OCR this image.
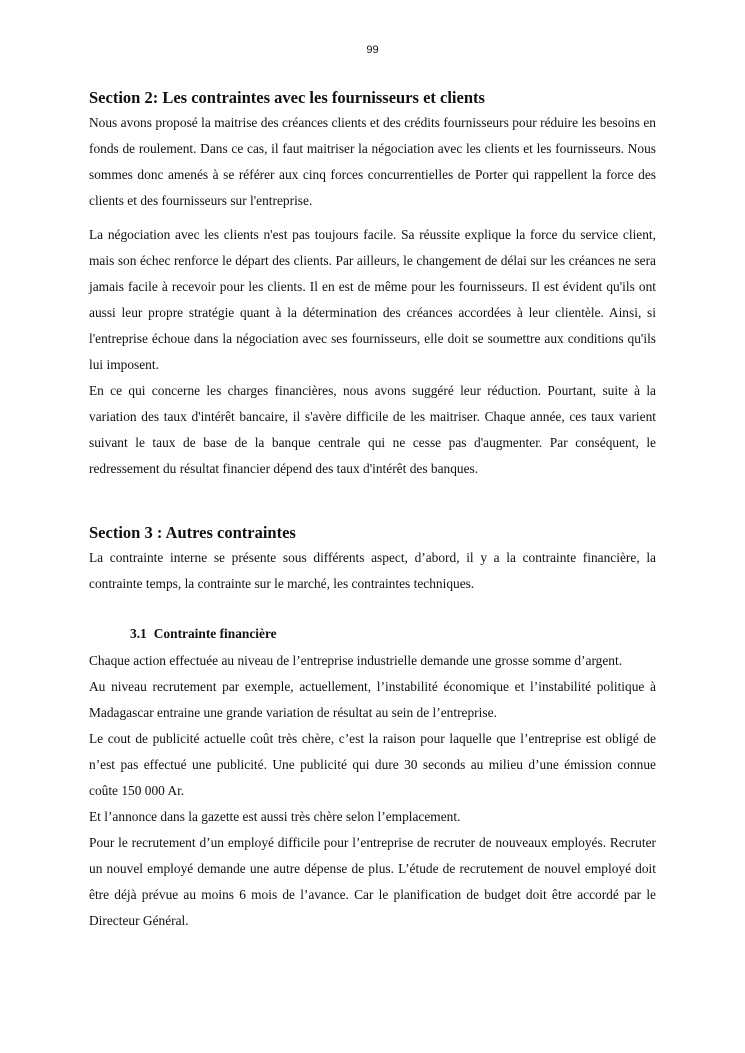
99
Section 2: Les contraintes avec les fournisseurs et clients

Nous avons proposé la maitrise des créances clients et des crédits fournisseurs pour réduire les besoins en fonds de roulement. Dans ce cas, il faut maitriser la négociation avec les clients et les fournisseurs. Nous sommes donc amenés à se référer aux cinq forces concurrentielles de Porter qui rappellent la force des clients et des fournisseurs sur l'entreprise.

La négociation avec les clients n'est pas toujours facile. Sa réussite explique la force du service client, mais son échec renforce le départ des clients. Par ailleurs, le changement de délai sur les créances ne sera jamais facile à recevoir pour les clients. Il en est de même pour les fournisseurs. Il est évident qu'ils ont aussi leur propre stratégie quant à la détermination des créances accordées à leur clientèle. Ainsi, si l'entreprise échoue dans la négociation avec ses fournisseurs, elle doit se soumettre aux conditions qu'ils lui imposent.

En ce qui concerne les charges financières, nous avons suggéré leur réduction. Pourtant, suite à la variation des taux d'intérêt bancaire, il s'avère difficile de les maitriser. Chaque année, ces taux varient suivant le taux de base de la banque centrale qui ne cesse pas d'augmenter. Par conséquent, le redressement du résultat financier dépend des taux d'intérêt des banques.

Section 3 : Autres contraintes

La contrainte interne se présente sous différents aspect, d’abord, il y a la contrainte financière, la contrainte temps, la contrainte sur le marché, les contraintes techniques.

3.1 Contrainte financière

Chaque action effectuée au niveau de l’entreprise industrielle demande une grosse somme d’argent.

Au niveau recrutement par exemple, actuellement, l’instabilité économique et l’instabilité politique à Madagascar entraine une grande variation de résultat au sein de l’entreprise.

Le cout de publicité actuelle coût très chère, c’est la raison pour laquelle que l’entreprise est obligé de n’est pas effectué une publicité. Une publicité qui dure 30 seconds au milieu d’une émission connue coûte 150 000 Ar.

Et l’annonce dans la gazette est aussi très chère selon l’emplacement.

Pour le recrutement d’un employé difficile pour l’entreprise de recruter de nouveaux employés. Recruter un nouvel employé demande une autre dépense de plus. L’étude de recrutement de nouvel employé doit être déjà prévue au moins 6 mois de l’avance. Car le planification de budget doit être accordé par le Directeur Général.
